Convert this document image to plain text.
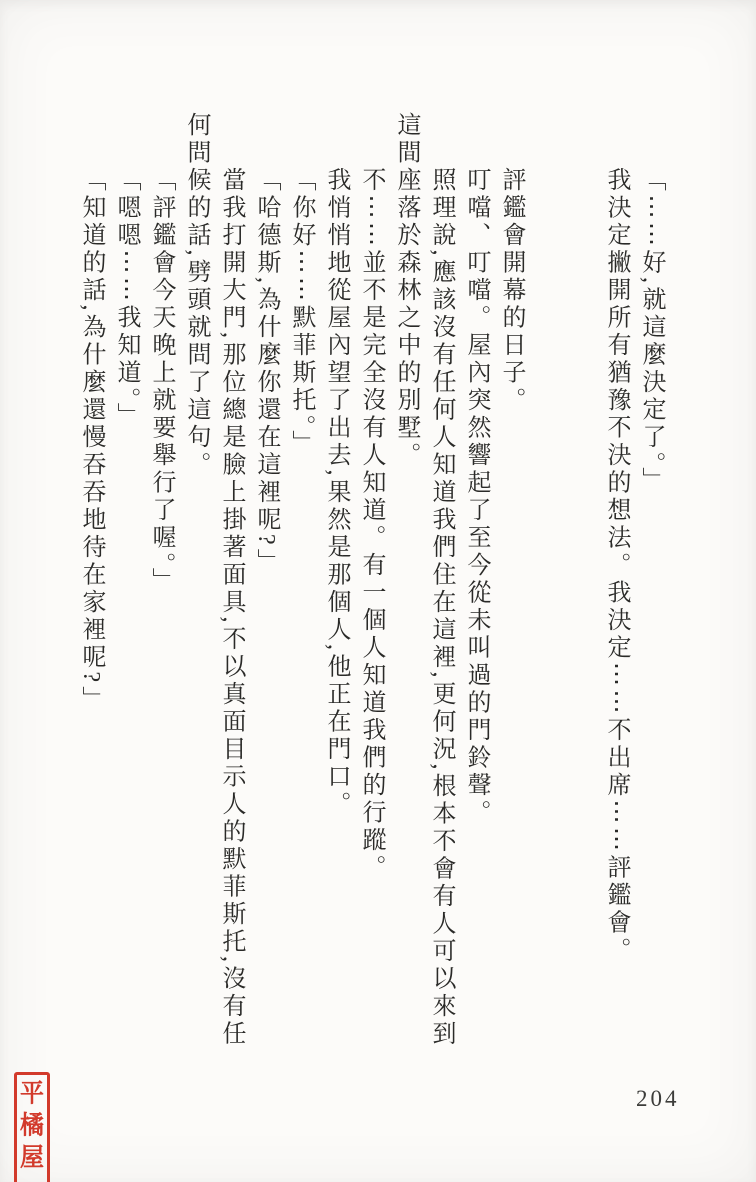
「⋯⋯好,就這麼決定了。」

我決定撇開所有猶豫不決的想法。我決定⋯⋯不出席⋯⋯評鑑會。

評鑑會開幕的日子。

叮噹、叮噹。屋內突然響起了至今從未叫過的門鈴聲。

照理說,應該沒有任何人知道我們住在這裡,更何況,根本不會有人可以來到這間座落於森林之中的別墅。

不⋯⋯並不是完全沒有人知道。有一個人知道我們的行蹤。

我悄悄地從屋內望了出去,果然是那個人,他正在門口。

「你好⋯⋯默菲斯托。」

「哈德斯,為什麼你還在這裡呢?」

當我打開大門,那位總是臉上掛著面具,不以真面目示人的默菲斯托,沒有任何問候的話,劈頭就問了這句。

「評鑑會今天晚上就要舉行了喔。」

「嗯嗯⋯⋯我知道。」

「知道的話,為什麼還慢吞吞地待在家裡呢?」

204
平
橘
屋
